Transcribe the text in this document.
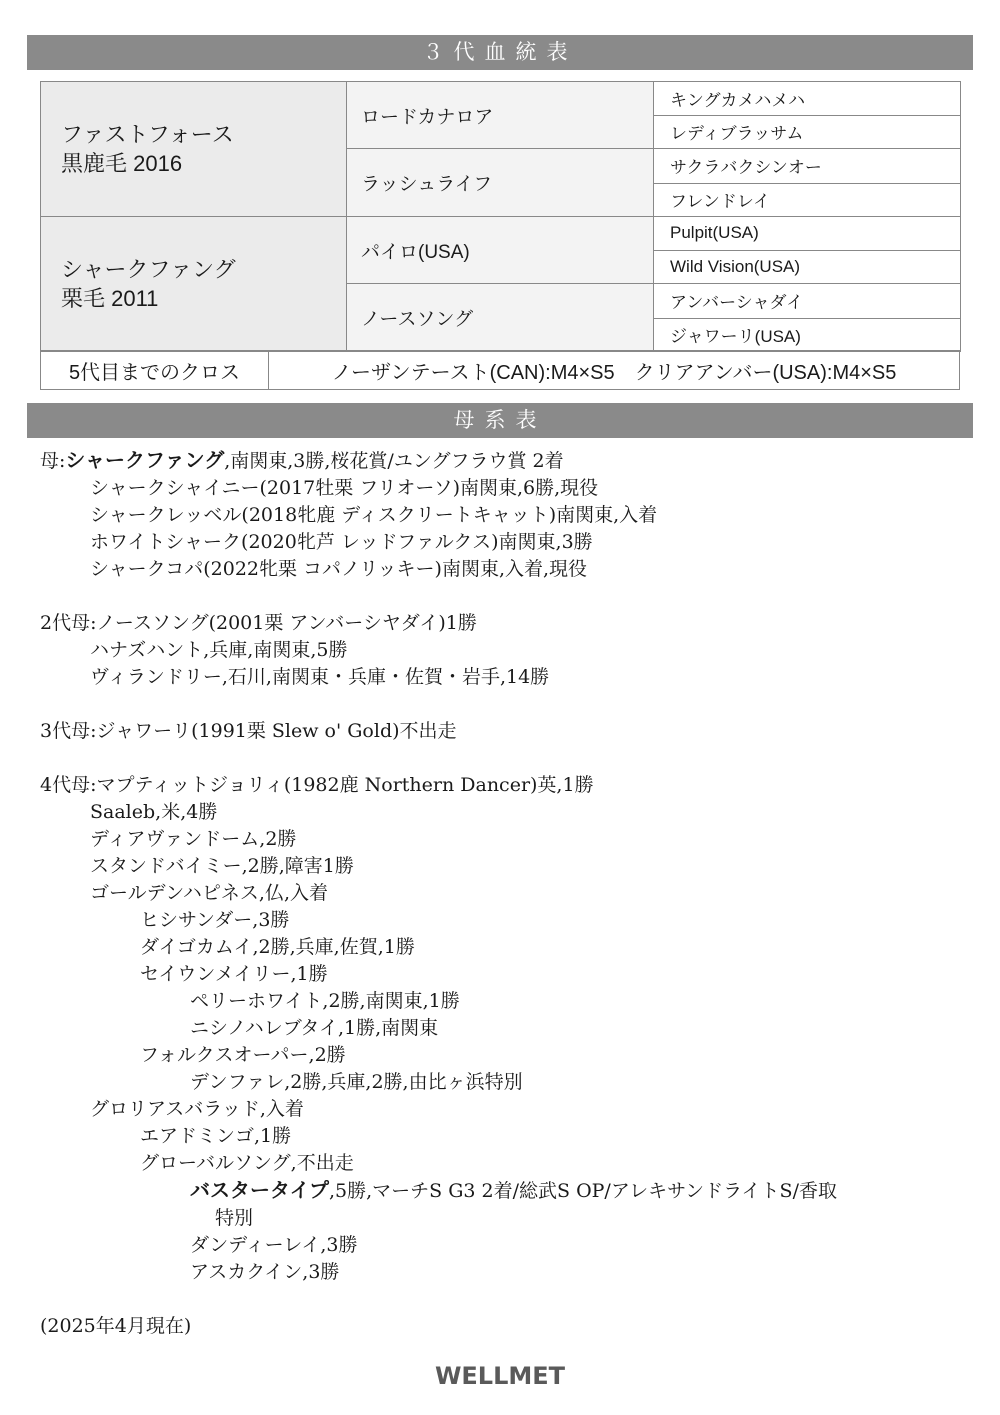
３代血統表
ファストフォース
黒鹿毛 2016	ロードカナロア	キングカメハメハ
		レディブラッサム
	ラッシュライフ	サクラバクシンオー
		フレンドレイ

シャークファング
栗毛 2011	パイロ(USA)	Pulpit(USA)
		Wild Vision(USA)
	ノースソング	アンバーシャダイ
		ジャワーリ(USA)
5代目までのクロス	ノーザンテースト(CAN):M4×S5　クリアアンバー(USA):M4×S5
母系表
母:シャークファング,南関東,3勝,桜花賞/ユングフラウ賞 2着
シャークシャイニー(2017牡栗 フリオーソ)南関東,6勝,現役
シャークレッベル(2018牝鹿 ディスクリートキャット)南関東,入着
ホワイトシャーク(2020牝芦 レッドファルクス)南関東,3勝
シャークコパ(2022牝栗 コパノリッキー)南関東,入着,現役
2代母:ノースソング(2001栗 アンバーシヤダイ)1勝
ハナズハント,兵庫,南関東,5勝
ヴィランドリー,石川,南関東・兵庫・佐賀・岩手,14勝
3代母:ジャワーリ(1991栗 Slew o' Gold)不出走
4代母:マプティットジョリィ(1982鹿 Northern Dancer)英,1勝
Saaleb,米,4勝
ディアヴァンドーム,2勝
スタンドバイミー,2勝,障害1勝
ゴールデンハピネス,仏,入着
ヒシサンダー,3勝
ダイゴカムイ,2勝,兵庫,佐賀,1勝
セイウンメイリー,1勝
ペリーホワイト,2勝,南関東,1勝
ニシノハレブタイ,1勝,南関東
フォルクスオーパー,2勝
デンファレ,2勝,兵庫,2勝,由比ヶ浜特別
グロリアスバラッド,入着
エアドミンゴ,1勝
グローバルソング,不出走
バスタータイプ,5勝,マーチS G3 2着/総武S OP/アレキサンドライトS/香取
特別
ダンディーレイ,3勝
アスカクイン,3勝
(2025年4月現在)
WELLMET
